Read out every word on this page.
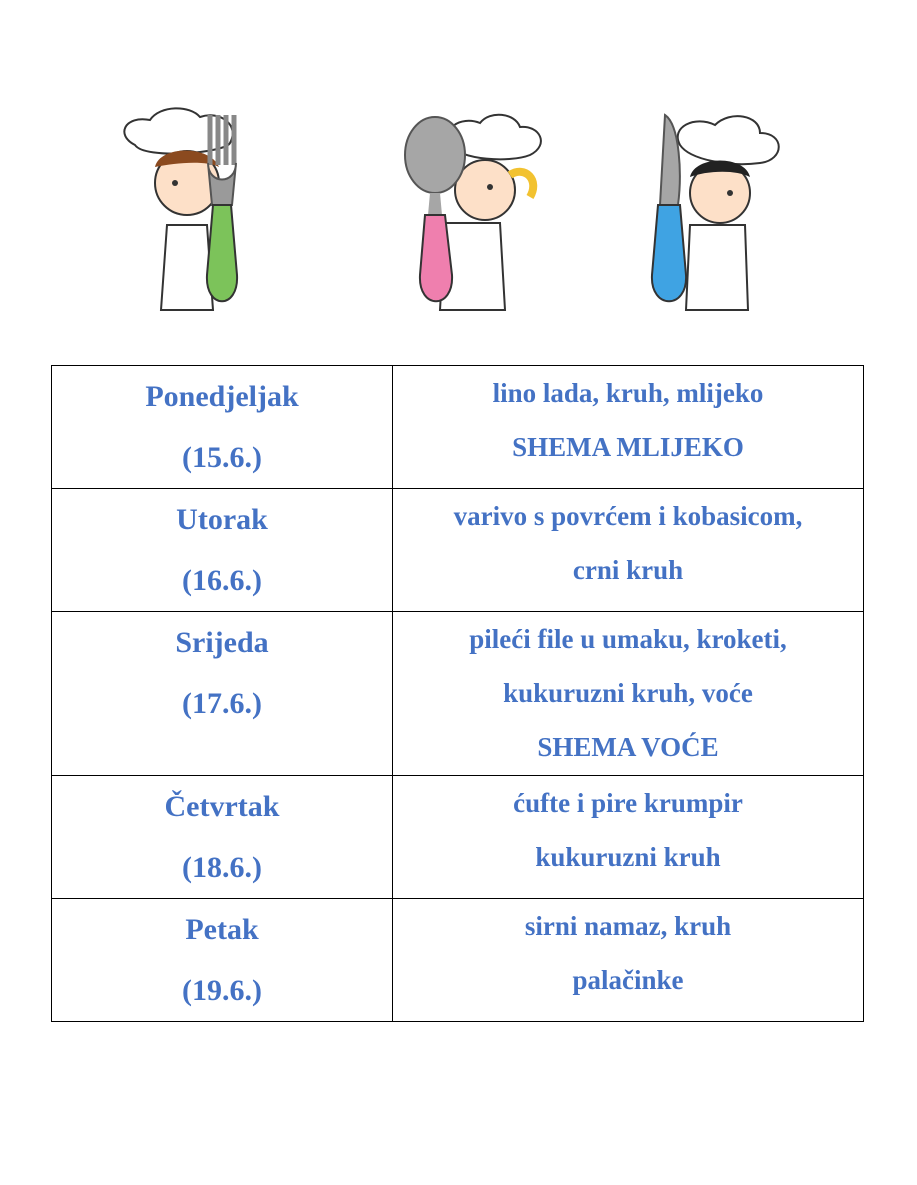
Ponedjeljak
(15.6.)	lino lada, kruh, mlijeko
SHEMA MLIJEKO

Utorak
(16.6.)	varivo s povrćem i kobasicom,
crni kruh

Srijeda
(17.6.)	pileći file u umaku, kroketi,
kukuruzni kruh, voće
SHEMA VOĆE

Četvrtak
(18.6.)	ćufte i pire krumpir
kukuruzni kruh

Petak
(19.6.)	sirni namaz, kruh
palačinke
